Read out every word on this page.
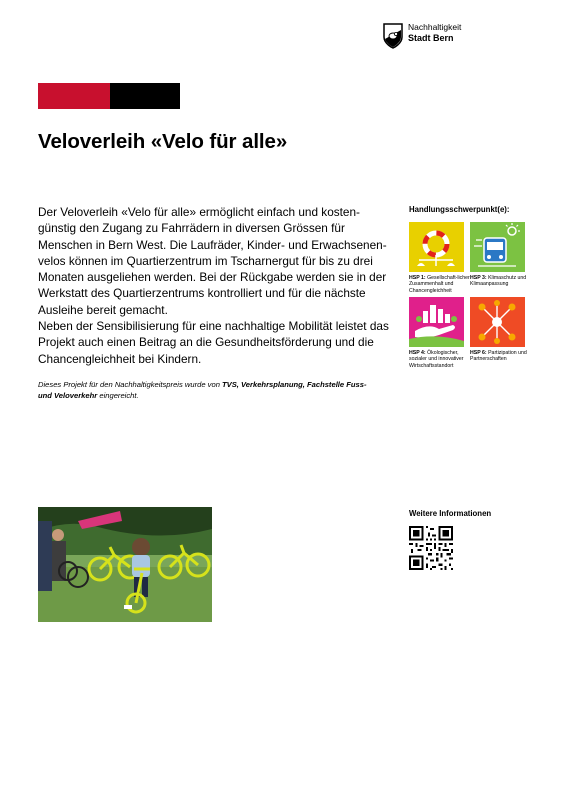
Nachhaltigkeit
Stadt Bern
Veloverleih «Velo für alle»

Der Veloverleih «Velo für alle» ermöglicht einfach und kosten-günstig den Zugang zu Fahrrädern in diversen Grössen für Menschen in Bern West. Die Laufräder, Kinder- und Erwachsenen-velos können im Quartierzentrum im Tscharnergut für bis zu drei Monaten ausgeliehen werden. Bei der Rückgabe werden sie in der Werkstatt des Quartierzentrums kontrolliert und für die nächste Ausleihe bereit gemacht.

Neben der Sensibilisierung für eine nachhaltige Mobilität leistet das Projekt auch einen Beitrag an die Gesundheitsförderung und die Chancengleichheit bei Kindern.

Dieses Projekt für den Nachhaltigkeitspreis wurde von TVS, Verkehrsplanung, Fachstelle Fuss- und Veloverkehr eingereicht.
Handlungsschwerpunkt(e):
HSP 1: Gesellschaft-licher Zusammenhalt und Chancengleichheit
HSP 3: Klimaschutz und Klimaanpassung
HSP 4: Ökologischer, sozialer und innovativer Wirtschaftsstandort
HSP 6: Partizipation und Partnerschaften
Weitere Informationen
